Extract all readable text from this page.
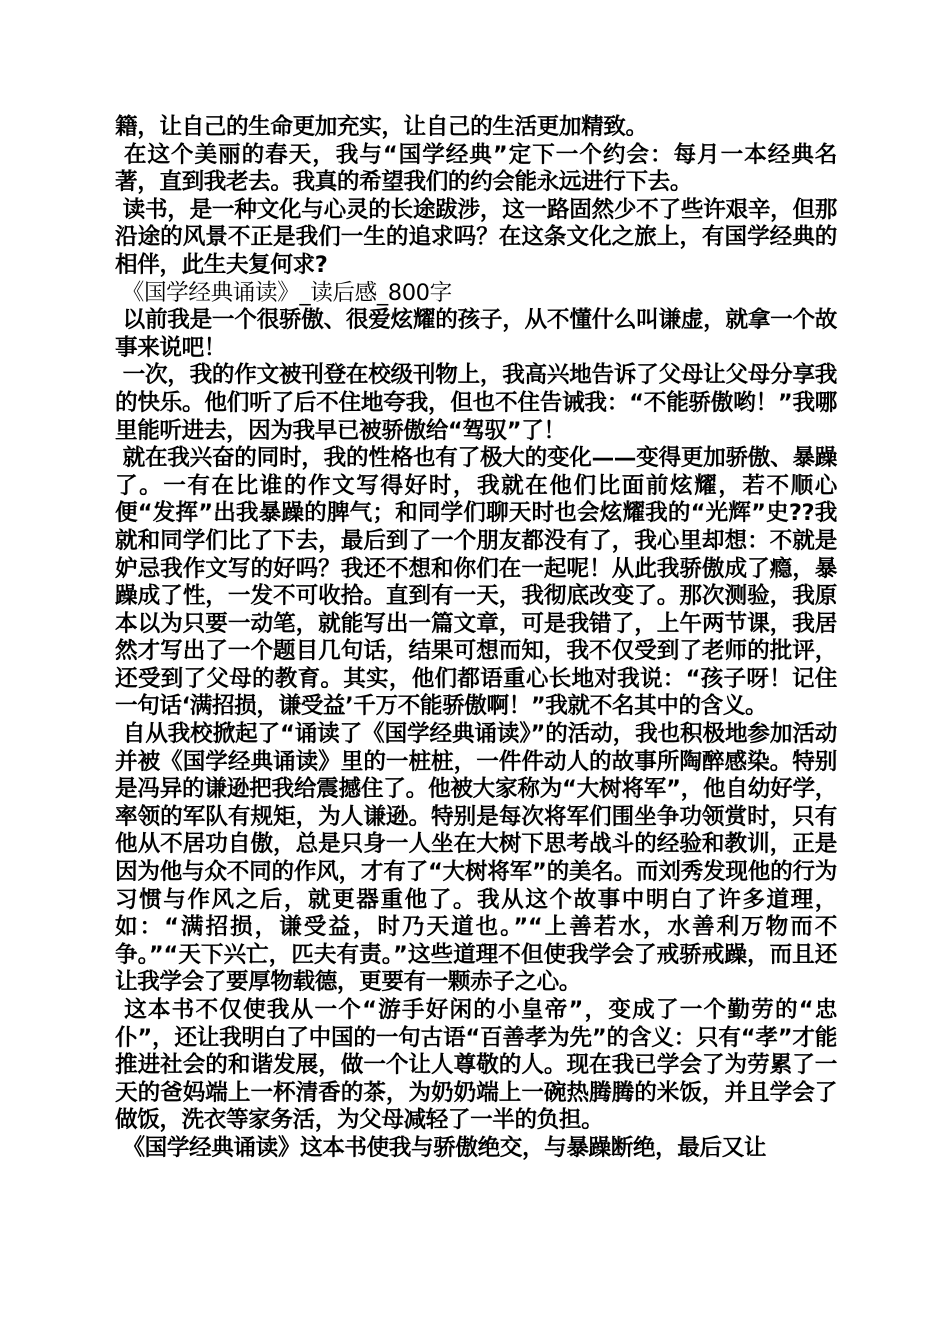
籍，让自己的生命更加充实，让自己的生活更加精致。

在这个美丽的春天，我与“国学经典”定下一个约会：每月一本经典名著，直到我老去。我真的希望我们的约会能永远进行下去。

读书，是一种文化与心灵的长途跋涉，这一路固然少不了些许艰辛，但那沿途的风景不正是我们一生的追求吗？在这条文化之旅上，有国学经典的相伴，此生夫复何求?

《国学经典诵读》_读后感_800字

以前我是一个很骄傲、很爱炫耀的孩子，从不懂什么叫谦虚，就拿一个故事来说吧！

一次，我的作文被刊登在校级刊物上，我高兴地告诉了父母让父母分享我的快乐。他们听了后不住地夸我，但也不住告诫我：“不能骄傲哟！”我哪里能听进去，因为我早已被骄傲给“驾驭”了！

就在我兴奋的同时，我的性格也有了极大的变化——变得更加骄傲、暴躁了。一有在比谁的作文写得好时，我就在他们比面前炫耀，若不顺心便“发挥”出我暴躁的脾气；和同学们聊天时也会炫耀我的“光辉”史??我就和同学们比了下去，最后到了一个朋友都没有了，我心里却想：不就是妒忌我作文写的好吗？我还不想和你们在一起呢！从此我骄傲成了瘾，暴躁成了性，一发不可收拾。直到有一天，我彻底改变了。那次测验，我原本以为只要一动笔，就能写出一篇文章，可是我错了，上午两节课，我居然才写出了一个题目几句话，结果可想而知，我不仅受到了老师的批评，还受到了父母的教育。其实，他们都语重心长地对我说：“孩子呀！记住一句话‘满招损，谦受益’千万不能骄傲啊！”我就不名其中的含义。

自从我校掀起了“诵读了《国学经典诵读》”的活动，我也积极地参加活动并被《国学经典诵读》里的一桩桩，一件件动人的故事所陶醉感染。特别是冯异的谦逊把我给震撼住了。他被大家称为“大树将军”，他自幼好学，率领的军队有规矩，为人谦逊。特别是每次将军们围坐争功领赏时，只有他从不居功自傲，总是只身一人坐在大树下思考战斗的经验和教训，正是因为他与众不同的作风，才有了“大树将军”的美名。而刘秀发现他的行为习惯与作风之后，就更器重他了。我从这个故事中明白了许多道理，如：“满招损，谦受益，时乃天道也。”“上善若水，水善利万物而不争。”“天下兴亡，匹夫有责。”这些道理不但使我学会了戒骄戒躁，而且还让我学会了要厚物载德，更要有一颗赤子之心。

这本书不仅使我从一个“游手好闲的小皇帝”，变成了一个勤劳的“忠仆”，还让我明白了中国的一句古语“百善孝为先”的含义：只有“孝”才能推进社会的和谐发展，做一个让人尊敬的人。现在我已学会了为劳累了一天的爸妈端上一杯清香的茶，为奶奶端上一碗热腾腾的米饭，并且学会了做饭，洗衣等家务活，为父母减轻了一半的负担。

《国学经典诵读》这本书使我与骄傲绝交，与暴躁断绝，最后又让
